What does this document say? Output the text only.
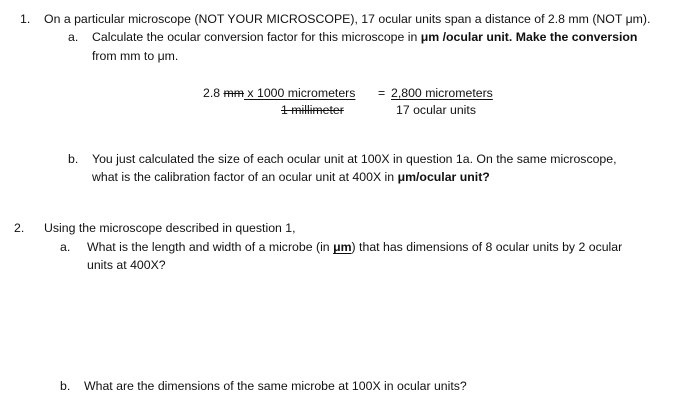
1. On a particular microscope (NOT YOUR MICROSCOPE), 17 ocular units span a distance of 2.8 mm (NOT μm).
a. Calculate the ocular conversion factor for this microscope in μm /ocular unit. Make the conversion
from mm to μm.
2.8 mm x 1000 micrometers
1 millimeter
= 2,800 micrometers
17 ocular units
b. You just calculated the size of each ocular unit at 100X in question 1a. On the same microscope,
what is the calibration factor of an ocular unit at 400X in μm/ocular unit?
2. Using the microscope described in question 1,
a. What is the length and width of a microbe (in μm) that has dimensions of 8 ocular units by 2 ocular
units at 400X?
b. What are the dimensions of the same microbe at 100X in ocular units?
